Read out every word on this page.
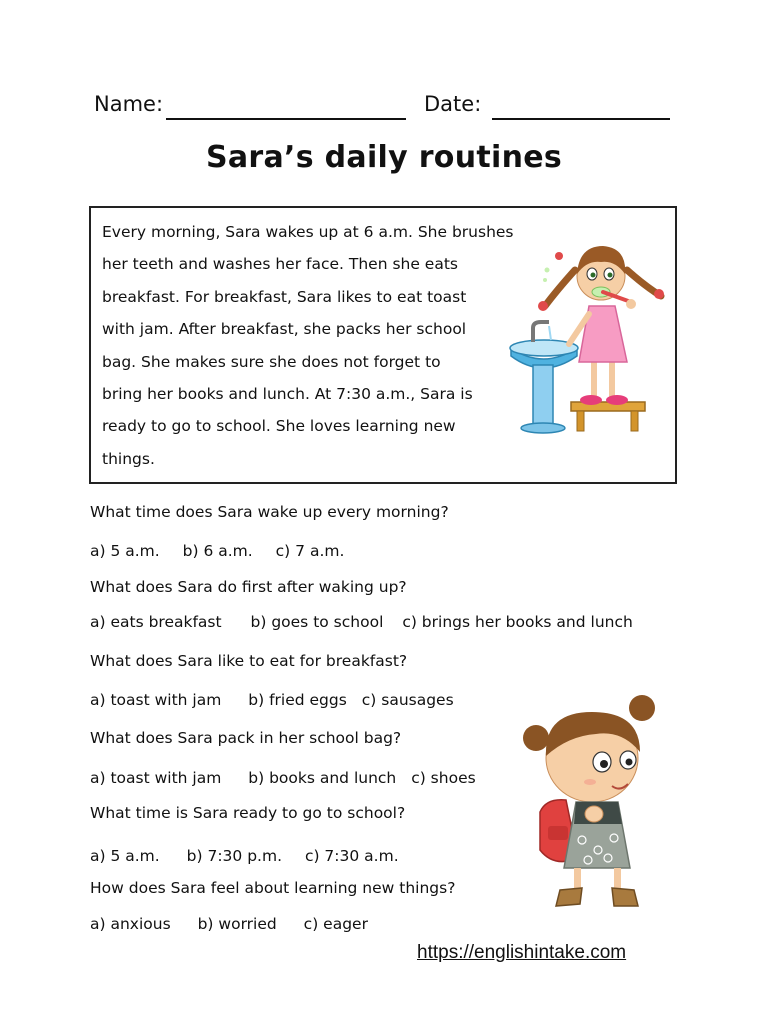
Name:	Date:
Sara’s daily routines
Every morning, Sara wakes up at 6 a.m. She brushes
her teeth and washes her face. Then she eats
breakfast. For breakfast, Sara likes to eat toast
with jam. After breakfast, she packs her school
bag. She makes sure she does not forget to
bring her books and lunch. At 7:30 a.m., Sara is
ready to go to school. She loves learning new
things.
What time does Sara wake up every morning?
a) 5 a.m. b) 6 a.m. c) 7 a.m.
What does Sara do first after waking up?
a) eats breakfast b) goes to school c) brings her books and lunch
What does Sara like to eat for breakfast?
a) toast with jam b) fried eggs c) sausages
What does Sara pack in her school bag?
a) toast with jam b) books and lunch c) shoes
What time is Sara ready to go to school?
a) 5 a.m. b) 7:30 p.m. c) 7:30 a.m.
How does Sara feel about learning new things?
a) anxious b) worried c) eager
https://englishintake.com
